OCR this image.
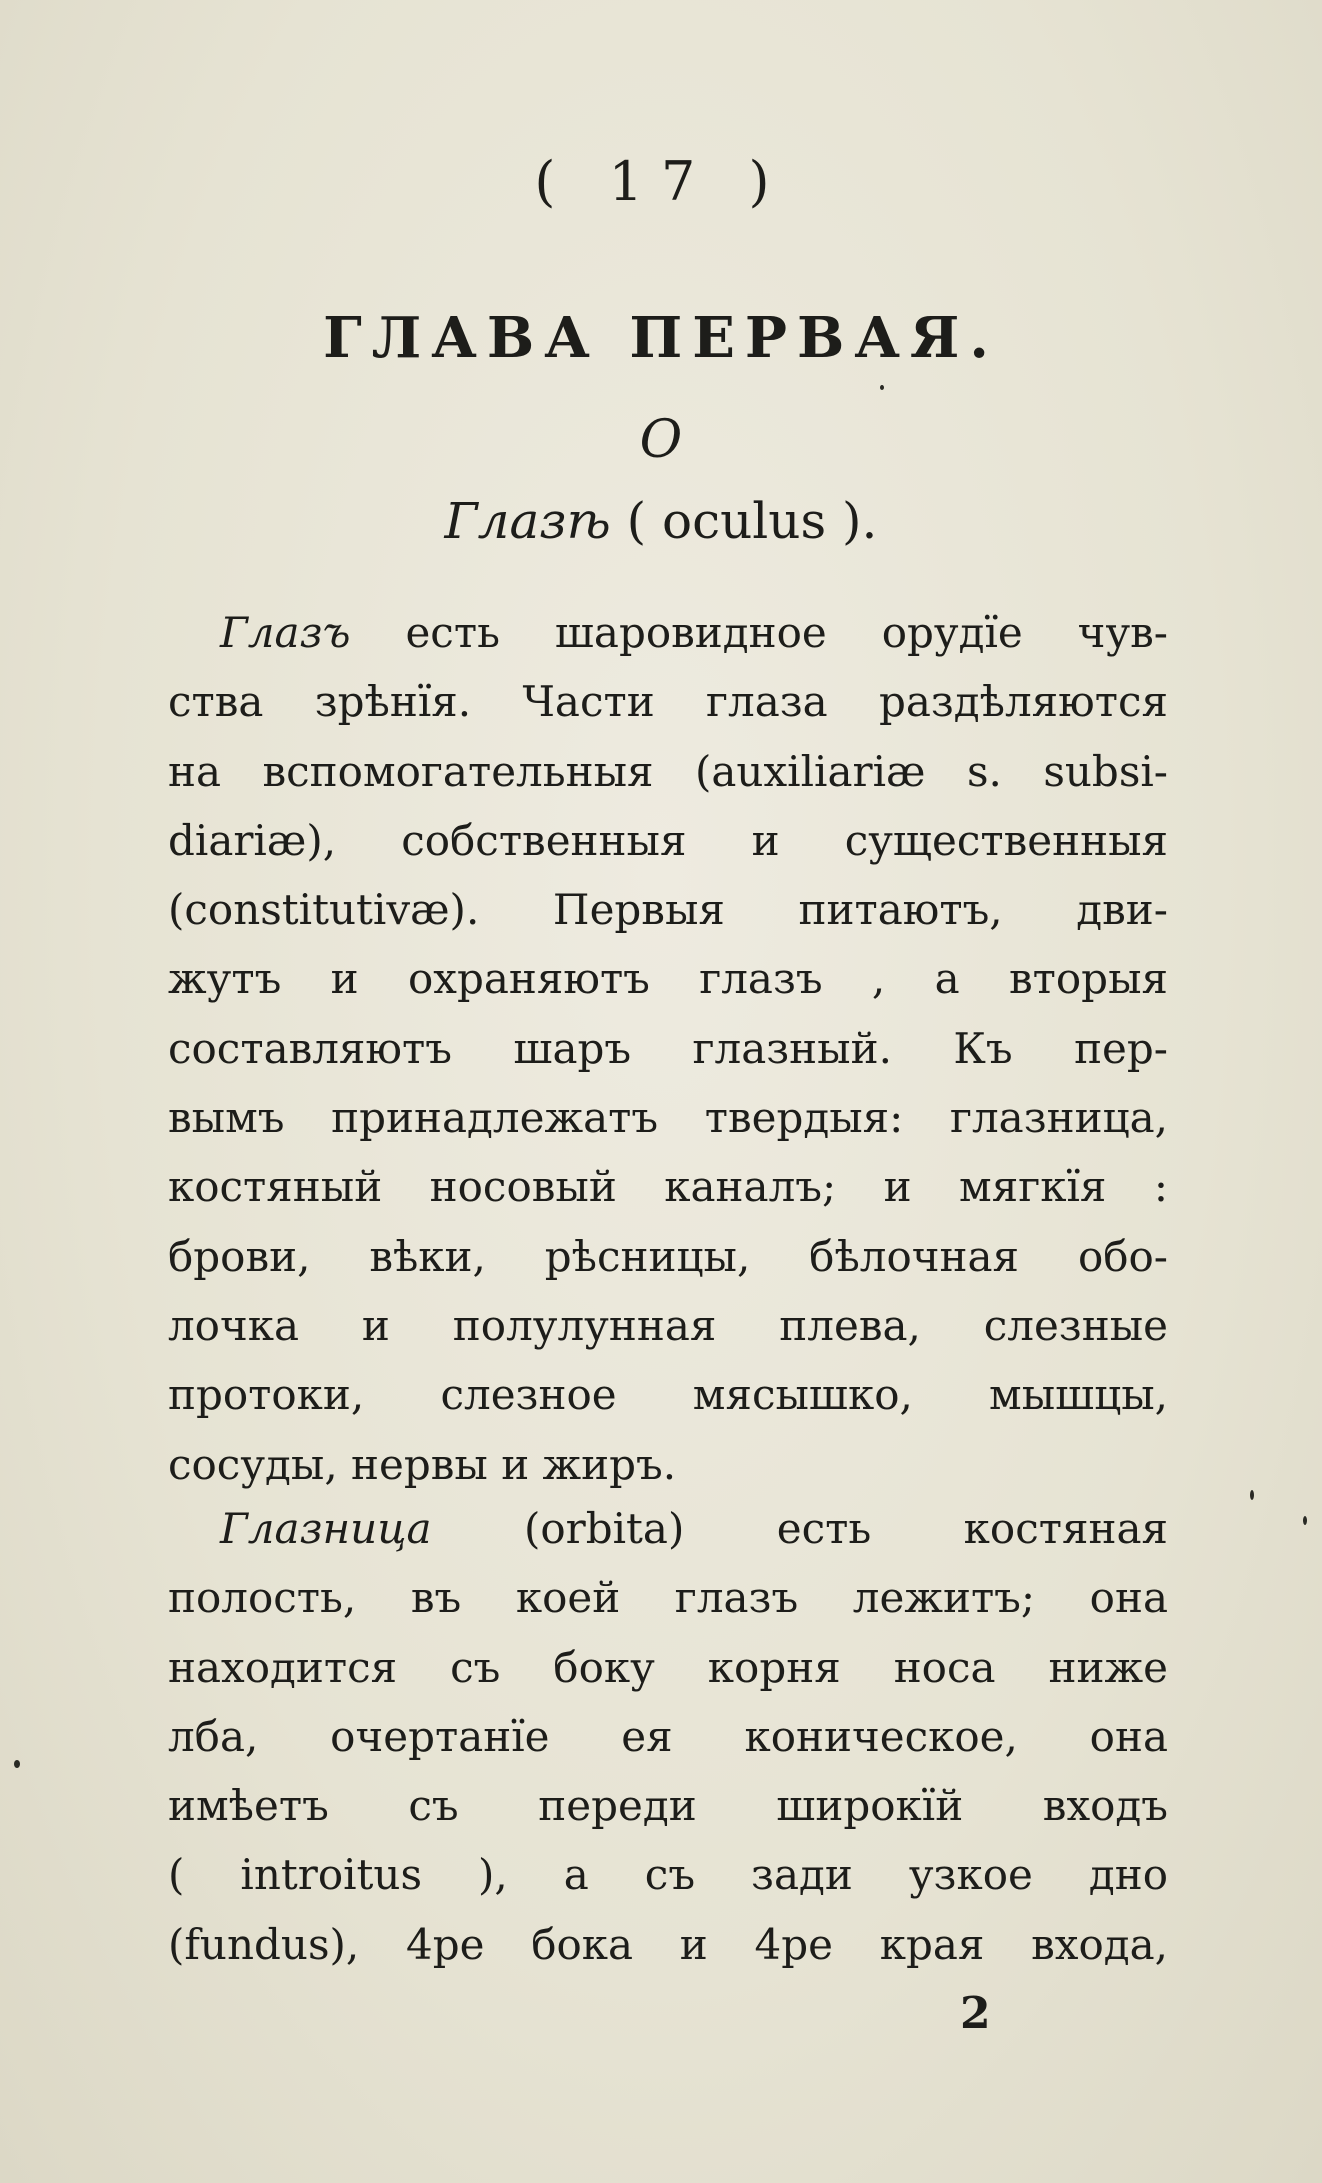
( 17 )
ГЛАВА ПЕРВАЯ.
О
Глазѣ ( oculus ).
Глазъ есть шаровидное орудїе чув-
ства зрѣнїя. Части глаза раздѣляются
на вспомогательныя (auxiliariæ s. subsi-
diariæ), собственныя и существенныя
(constitutivæ). Первыя питаютъ, дви-
жутъ и охраняютъ глазъ , а вторыя
составляютъ шаръ глазный. Къ пер-
вымъ принадлежатъ твердыя: глазница,
костяный носовый каналъ; и мягкїя :
брови, вѣки, рѣсницы, бѣлочная обо-
лочка и полулунная плева, слезные
протоки, слезное мясышко, мышцы,
сосуды, нервы и жиръ.
Глазница (orbita) есть костяная
полость, въ коей глазъ лежитъ; она
находится съ боку корня носа ниже
лба, очертанїе ея коническое, она
имѣетъ съ переди широкїй входъ
( introitus ), а съ зади узкое дно
(fundus), 4ре бока и 4ре края входа,
2
